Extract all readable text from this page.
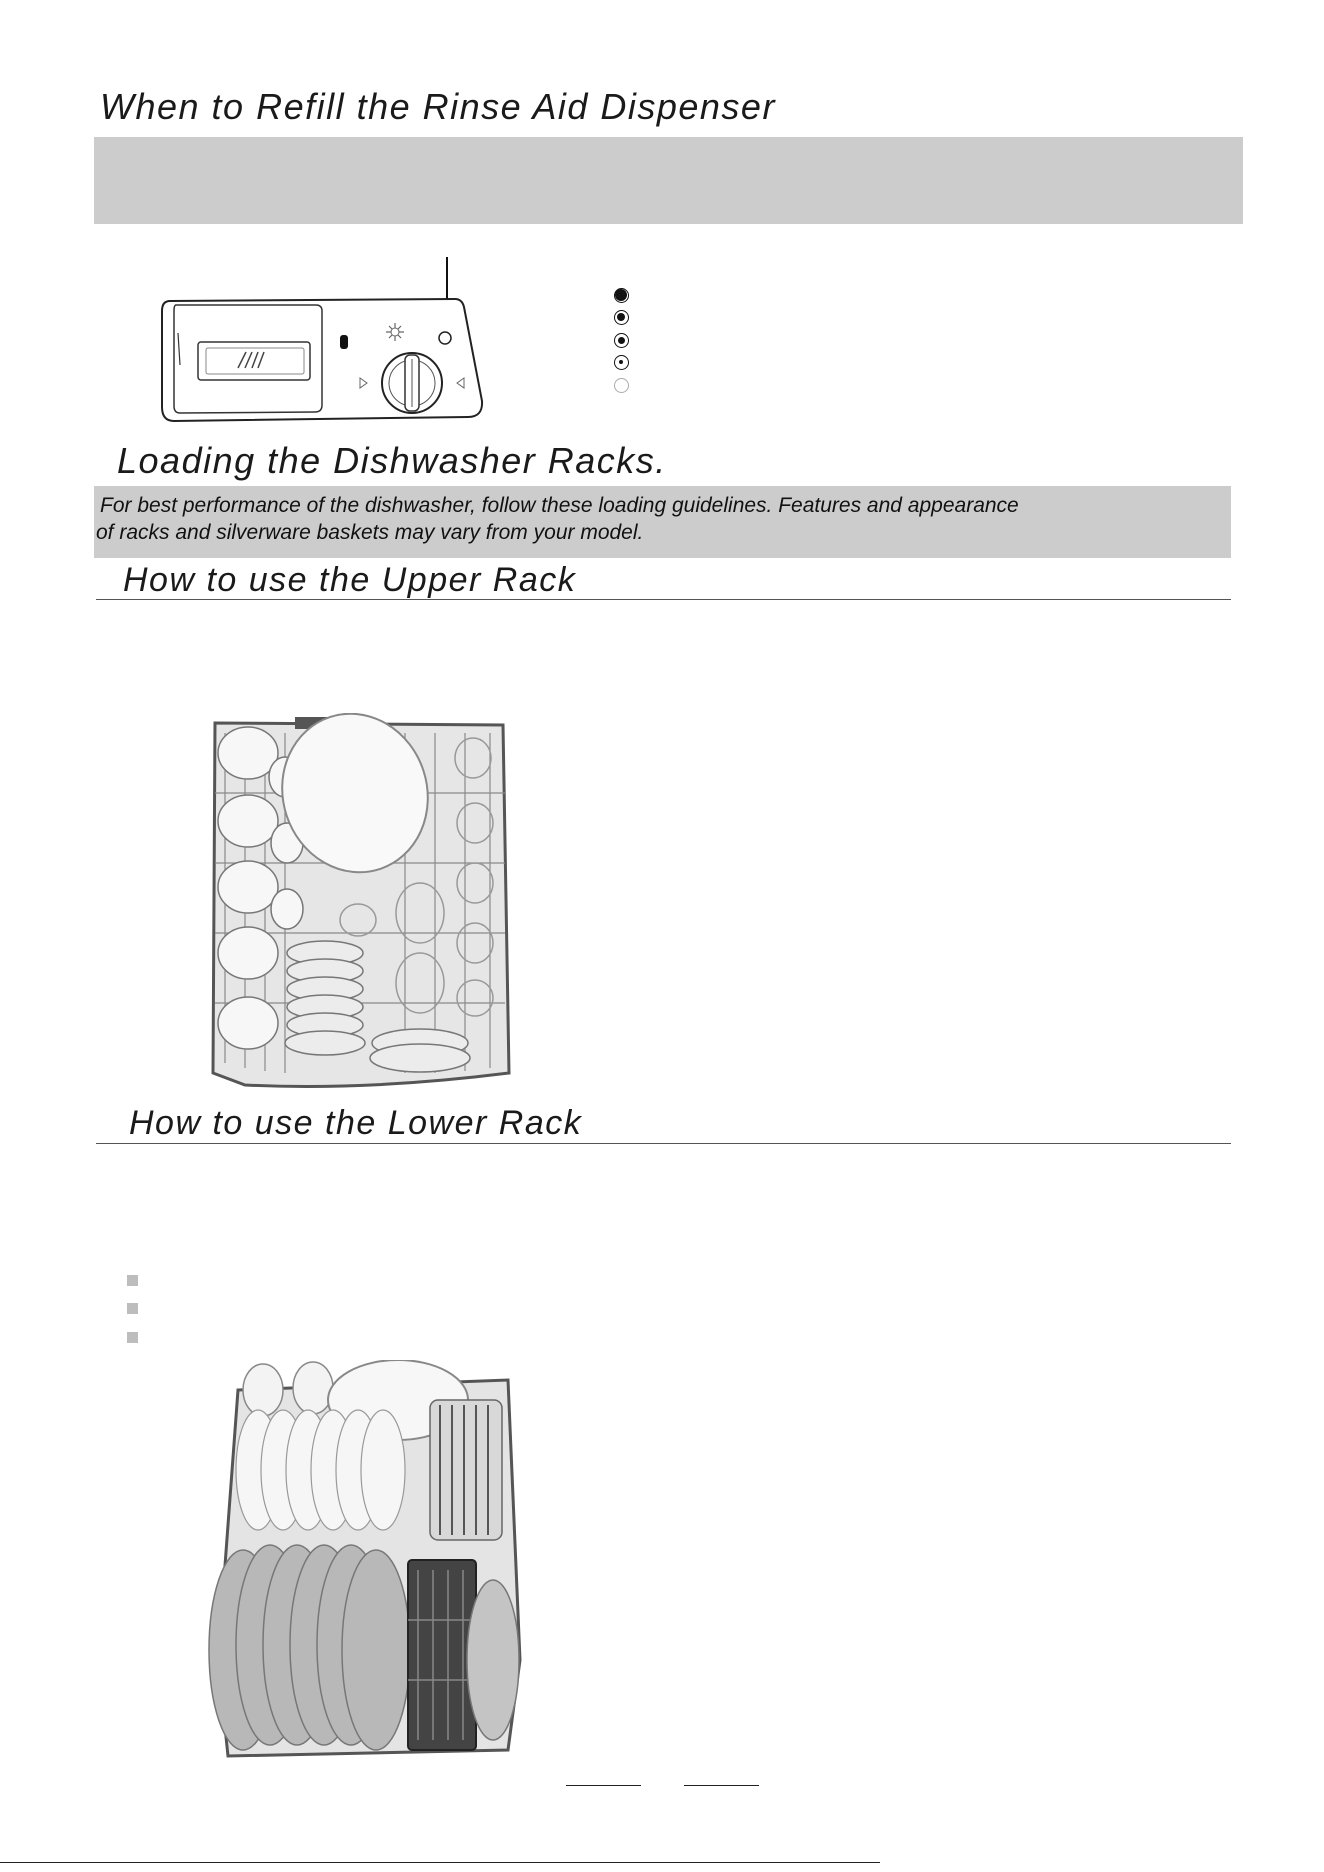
When to Refill the Rinse Aid Dispenser
Loading the Dishwasher Racks.
For best performance of the dishwasher, follow these loading guidelines. Features and appearance
of racks and silverware baskets may vary from your model.
How to use the Upper Rack
How to use the Lower Rack
